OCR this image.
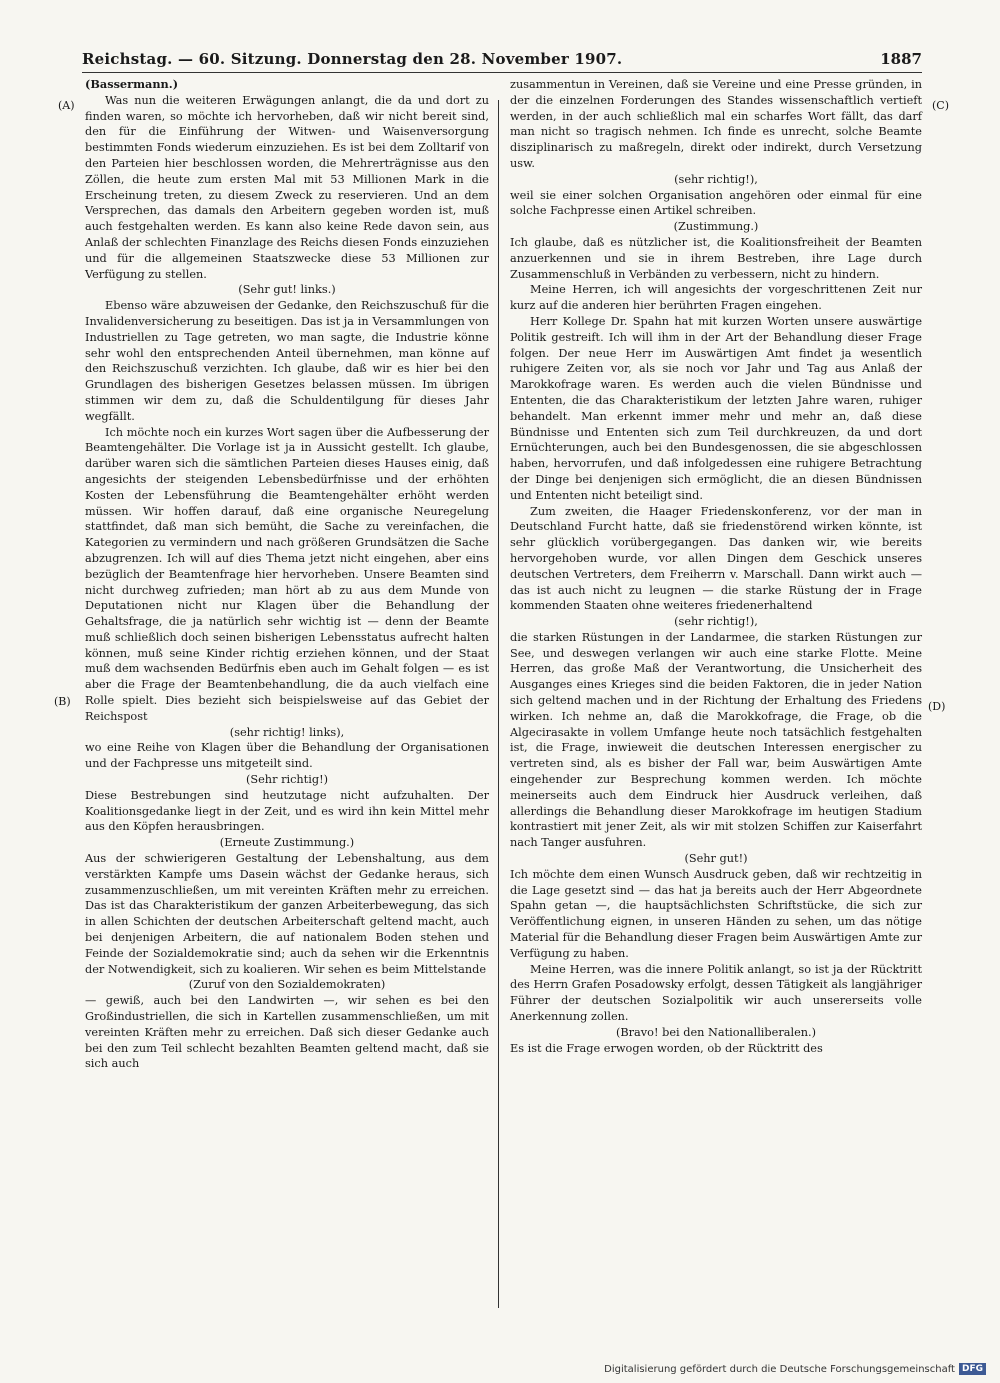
Reichstag. — 60. Sitzung. Donnerstag den 28. November 1907.	1887
(A)
(B)
(C)
(D)

(Bassermann.)

Was nun die weiteren Erwägungen anlangt, die da und dort zu finden waren, so möchte ich hervorheben, daß wir nicht bereit sind, den für die Einführung der Witwen- und Waisenversorgung bestimmten Fonds wiederum einzuziehen. Es ist bei dem Zolltarif von den Parteien hier beschlossen worden, die Mehrerträgnisse aus den Zöllen, die heute zum ersten Mal mit 53 Millionen Mark in die Erscheinung treten, zu diesem Zweck zu reservieren. Und an dem Versprechen, das damals den Arbeitern gegeben worden ist, muß auch festgehalten werden. Es kann also keine Rede davon sein, aus Anlaß der schlechten Finanzlage des Reichs diesen Fonds einzuziehen und für die allgemeinen Staatszwecke diese 53 Millionen zur Verfügung zu stellen.

(Sehr gut! links.)

Ebenso wäre abzuweisen der Gedanke, den Reichszuschuß für die Invalidenversicherung zu beseitigen. Das ist ja in Versammlungen von Industriellen zu Tage getreten, wo man sagte, die Industrie könne sehr wohl den entsprechenden Anteil übernehmen, man könne auf den Reichszuschuß verzichten. Ich glaube, daß wir es hier bei den Grundlagen des bisherigen Gesetzes belassen müssen. Im übrigen stimmen wir dem zu, daß die Schuldentilgung für dieses Jahr wegfällt.

Ich möchte noch ein kurzes Wort sagen über die Aufbesserung der Beamtengehälter. Die Vorlage ist ja in Aussicht gestellt. Ich glaube, darüber waren sich die sämtlichen Parteien dieses Hauses einig, daß angesichts der steigenden Lebensbedürfnisse und der erhöhten Kosten der Lebensführung die Beamtengehälter erhöht werden müssen. Wir hoffen darauf, daß eine organische Neuregelung stattfindet, daß man sich bemüht, die Sache zu vereinfachen, die Kategorien zu vermindern und nach größeren Grundsätzen die Sache abzugrenzen. Ich will auf dies Thema jetzt nicht eingehen, aber eins bezüglich der Beamtenfrage hier hervorheben. Unsere Beamten sind nicht durchweg zufrieden; man hört ab zu aus dem Munde von Deputationen nicht nur Klagen über die Behandlung der Gehaltsfrage, die ja natürlich sehr wichtig ist — denn der Beamte muß schließlich doch seinen bisherigen Lebensstatus aufrecht halten können, muß seine Kinder richtig erziehen können, und der Staat muß dem wachsenden Bedürfnis eben auch im Gehalt folgen — es ist aber die Frage der Beamtenbehandlung, die da auch vielfach eine Rolle spielt. Dies bezieht sich beispielsweise auf das Gebiet der Reichspost

(sehr richtig! links),

wo eine Reihe von Klagen über die Behandlung der Organisationen und der Fachpresse uns mitgeteilt sind.

(Sehr richtig!)

Diese Bestrebungen sind heutzutage nicht aufzuhalten. Der Koalitionsgedanke liegt in der Zeit, und es wird ihn kein Mittel mehr aus den Köpfen herausbringen.

(Erneute Zustimmung.)

Aus der schwierigeren Gestaltung der Lebenshaltung, aus dem verstärkten Kampfe ums Dasein wächst der Gedanke heraus, sich zusammenzuschließen, um mit vereinten Kräften mehr zu erreichen. Das ist das Charakteristikum der ganzen Arbeiterbewegung, das sich in allen Schichten der deutschen Arbeiterschaft geltend macht, auch bei denjenigen Arbeitern, die auf nationalem Boden stehen und Feinde der Sozialdemokratie sind; auch da sehen wir die Erkenntnis der Notwendigkeit, sich zu koalieren. Wir sehen es beim Mittelstande

(Zuruf von den Sozialdemokraten)

— gewiß, auch bei den Landwirten —, wir sehen es bei den Großindustriellen, die sich in Kartellen zusammenschließen, um mit vereinten Kräften mehr zu erreichen. Daß sich dieser Gedanke auch bei den zum Teil schlecht bezahlten Beamten geltend macht, daß sie sich auch

zusammentun in Vereinen, daß sie Vereine und eine Presse gründen, in der die einzelnen Forderungen des Standes wissenschaftlich vertieft werden, in der auch schließlich mal ein scharfes Wort fällt, das darf man nicht so tragisch nehmen. Ich finde es unrecht, solche Beamte disziplinarisch zu maßregeln, direkt oder indirekt, durch Versetzung usw.

(sehr richtig!),

weil sie einer solchen Organisation angehören oder einmal für eine solche Fachpresse einen Artikel schreiben.

(Zustimmung.)

Ich glaube, daß es nützlicher ist, die Koalitionsfreiheit der Beamten anzuerkennen und sie in ihrem Bestreben, ihre Lage durch Zusammenschluß in Verbänden zu verbessern, nicht zu hindern.

Meine Herren, ich will angesichts der vorgeschrittenen Zeit nur kurz auf die anderen hier berührten Fragen eingehen.

Herr Kollege Dr. Spahn hat mit kurzen Worten unsere auswärtige Politik gestreift. Ich will ihm in der Art der Behandlung dieser Frage folgen. Der neue Herr im Auswärtigen Amt findet ja wesentlich ruhigere Zeiten vor, als sie noch vor Jahr und Tag aus Anlaß der Marokkofrage waren. Es werden auch die vielen Bündnisse und Ententen, die das Charakteristikum der letzten Jahre waren, ruhiger behandelt. Man erkennt immer mehr und mehr an, daß diese Bündnisse und Ententen sich zum Teil durchkreuzen, da und dort Ernüchterungen, auch bei den Bundesgenossen, die sie abgeschlossen haben, hervorrufen, und daß infolgedessen eine ruhigere Betrachtung der Dinge bei denjenigen sich ermöglicht, die an diesen Bündnissen und Ententen nicht beteiligt sind.

Zum zweiten, die Haager Friedenskonferenz, vor der man in Deutschland Furcht hatte, daß sie friedenstörend wirken könnte, ist sehr glücklich vorübergegangen. Das danken wir, wie bereits hervorgehoben wurde, vor allen Dingen dem Geschick unseres deutschen Vertreters, dem Freiherrn v. Marschall. Dann wirkt auch — das ist auch nicht zu leugnen — die starke Rüstung der in Frage kommenden Staaten ohne weiteres friedenerhaltend

(sehr richtig!),

die starken Rüstungen in der Landarmee, die starken Rüstungen zur See, und deswegen verlangen wir auch eine starke Flotte. Meine Herren, das große Maß der Verantwortung, die Unsicherheit des Ausganges eines Krieges sind die beiden Faktoren, die in jeder Nation sich geltend machen und in der Richtung der Erhaltung des Friedens wirken. Ich nehme an, daß die Marokkofrage, die Frage, ob die Algecirasakte in vollem Umfange heute noch tatsächlich festgehalten ist, die Frage, inwieweit die deutschen Interessen energischer zu vertreten sind, als es bisher der Fall war, beim Auswärtigen Amte eingehender zur Besprechung kommen werden. Ich möchte meinerseits auch dem Eindruck hier Ausdruck verleihen, daß allerdings die Behandlung dieser Marokkofrage im heutigen Stadium kontrastiert mit jener Zeit, als wir mit stolzen Schiffen zur Kaiserfahrt nach Tanger ausfuhren.

(Sehr gut!)

Ich möchte dem einen Wunsch Ausdruck geben, daß wir rechtzeitig in die Lage gesetzt sind — das hat ja bereits auch der Herr Abgeordnete Spahn getan —, die hauptsächlichsten Schriftstücke, die sich zur Veröffentlichung eignen, in unseren Händen zu sehen, um das nötige Material für die Behandlung dieser Fragen beim Auswärtigen Amte zur Verfügung zu haben.

Meine Herren, was die innere Politik anlangt, so ist ja der Rücktritt des Herrn Grafen Posadowsky erfolgt, dessen Tätigkeit als langjähriger Führer der deutschen Sozialpolitik wir auch unsererseits volle Anerkennung zollen.

(Bravo! bei den Nationalliberalen.)

Es ist die Frage erwogen worden, ob der Rücktritt des

Digitalisierung gefördert durch die Deutsche Forschungsgemeinschaft DFG
